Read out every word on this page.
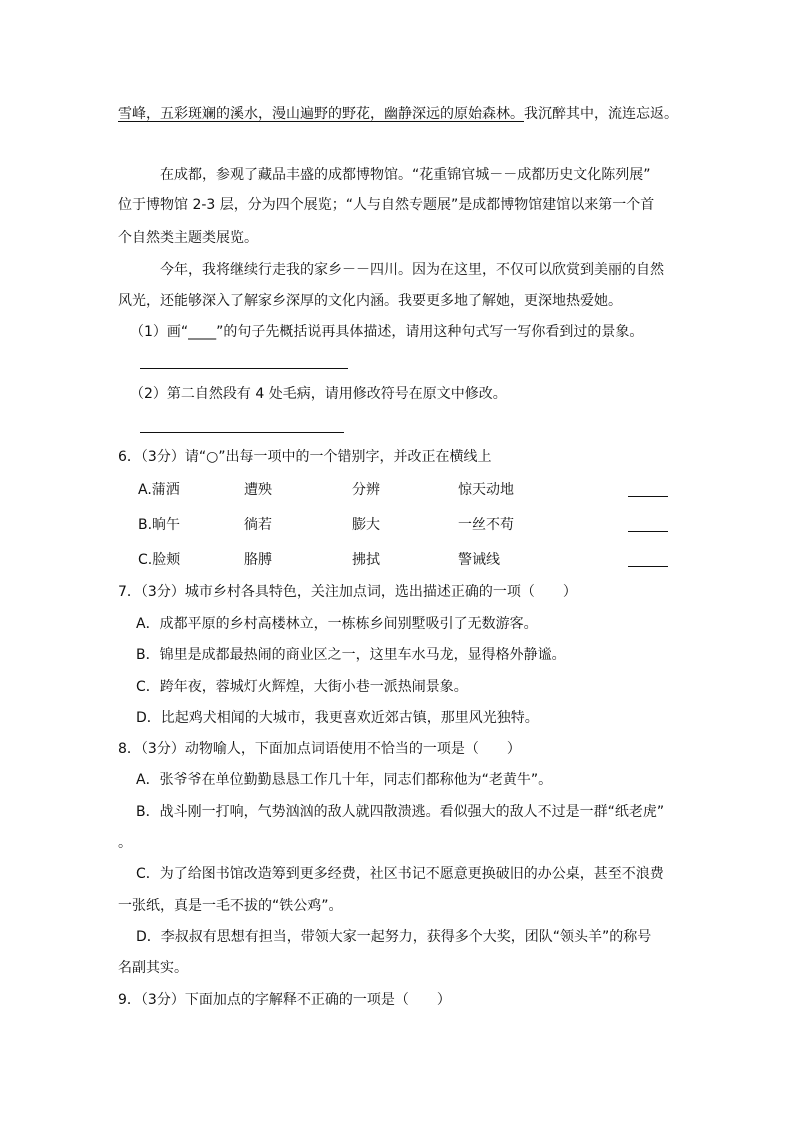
雪峰，五彩斑斓的溪水，漫山遍野的野花，幽静深远的原始森林。我沉醉其中，流连忘返。
在成都，参观了藏品丰盛的成都博物馆。“花重锦官城－－成都历史文化陈列展”
位于博物馆 2-3 层，分为四个展览；“人与自然专题展”是成都博物馆建馆以来第一个首
个自然类主题类展览。
今年，我将继续行走我的家乡－－四川。因为在这里，不仅可以欣赏到美丽的自然
风光，还能够深入了解家乡深厚的文化内涵。我要更多地了解她，更深地热爱她。
（1）画“____”的句子先概括说再具体描述，请用这种句式写一写你看到过的景象。
（2）第二自然段有 4 处毛病，请用修改符号在原文中修改。
6．（3分）请“○”出每一项中的一个错别字，并改正在横线上
A.蒲洒	遭殃	分辨	惊天动地
B.晌午	徜若	膨大	一丝不苟
C.脸颊	胳膊	拂拭	警诫线
7．（3分）城市乡村各具特色，关注加点词，选出描述正确的一项（　　）
A．成都平原的乡村高楼林立，一栋栋乡间别墅吸引了无数游客。
B．锦里是成都最热闹的商业区之一，这里车水马龙，显得格外静谧。
C．跨年夜，蓉城灯火辉煌，大街小巷一派热闹景象。
D．比起鸡犬相闻的大城市，我更喜欢近郊古镇，那里风光独特。
8．（3分）动物喻人，下面加点词语使用不恰当的一项是（　　）
A．张爷爷在单位勤勤恳恳工作几十年，同志们都称他为“老黄牛”。
B．战斗刚一打响，气势汹汹的敌人就四散溃逃。看似强大的敌人不过是一群“纸老虎”
。
C．为了给图书馆改造筹到更多经费，社区书记不愿意更换破旧的办公桌，甚至不浪费
一张纸，真是一毛不拔的“铁公鸡”。
D．李叔叔有思想有担当，带领大家一起努力，获得多个大奖，团队“领头羊”的称号
名副其实。
9．（3分）下面加点的字解释不正确的一项是（　　）
